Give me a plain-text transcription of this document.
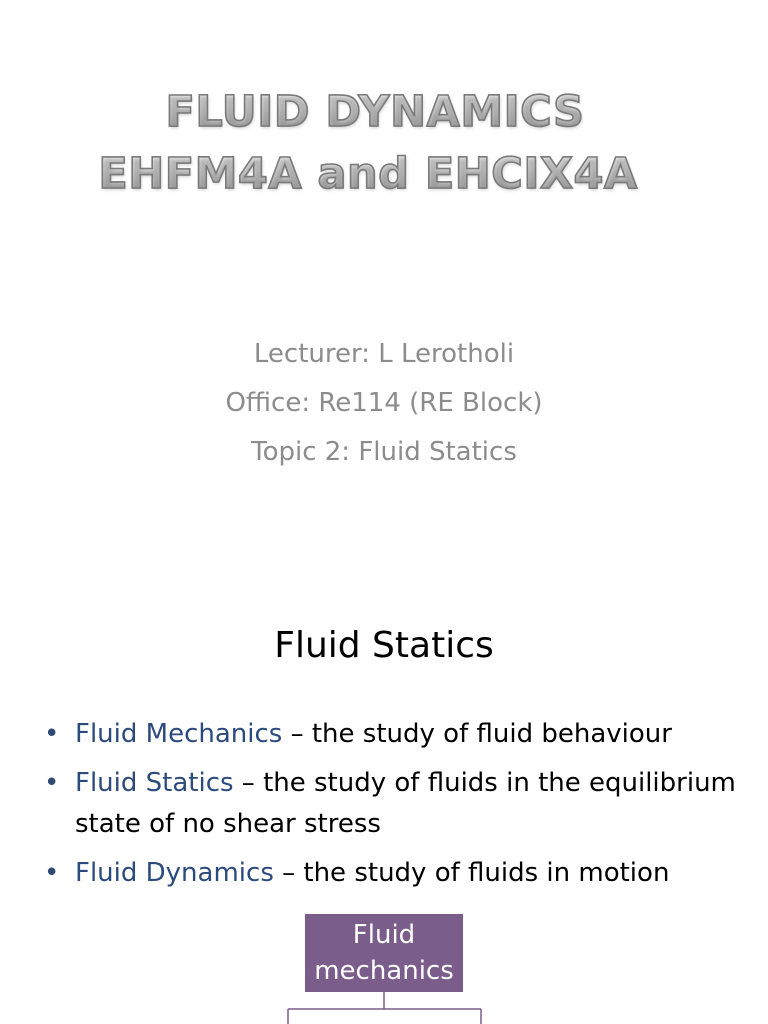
FLUID DYNAMICS
EHFM4A and EHCIX4A
Lecturer: L Lerotholi
Office: Re114 (RE Block)
Topic 2: Fluid Statics
Fluid Statics
• Fluid Mechanics – the study of fluid behaviour
• Fluid Statics – the study of fluids in the equilibrium state of no shear stress
• Fluid Dynamics – the study of fluids in motion
Fluid mechanics
